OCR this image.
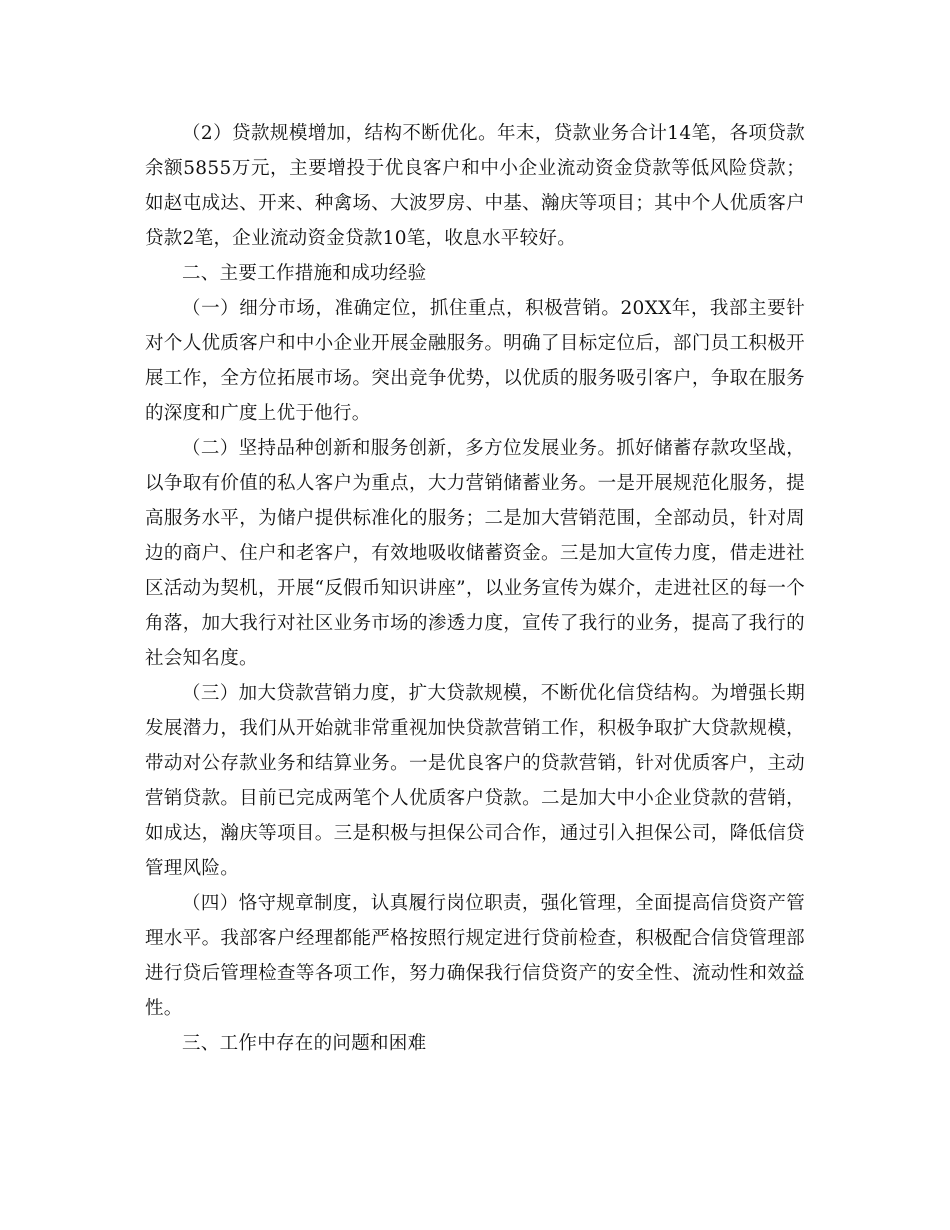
（2）贷款规模增加，结构不断优化。年末，贷款业务合计14笔，各项贷款余额5855万元，主要增投于优良客户和中小企业流动资金贷款等低风险贷款；如赵屯成达、开来、种禽场、大波罗房、中基、瀚庆等项目；其中个人优质客户贷款2笔，企业流动资金贷款10笔，收息水平较好。

二、主要工作措施和成功经验

（一）细分市场，准确定位，抓住重点，积极营销。20XX年，我部主要针对个人优质客户和中小企业开展金融服务。明确了目标定位后，部门员工积极开展工作，全方位拓展市场。突出竞争优势，以优质的服务吸引客户，争取在服务的深度和广度上优于他行。

（二）坚持品种创新和服务创新，多方位发展业务。抓好储蓄存款攻坚战，以争取有价值的私人客户为重点，大力营销储蓄业务。一是开展规范化服务，提高服务水平，为储户提供标准化的服务；二是加大营销范围，全部动员，针对周边的商户、住户和老客户，有效地吸收储蓄资金。三是加大宣传力度，借走进社区活动为契机，开展“反假币知识讲座”，以业务宣传为媒介，走进社区的每一个角落，加大我行对社区业务市场的渗透力度，宣传了我行的业务，提高了我行的社会知名度。

（三）加大贷款营销力度，扩大贷款规模，不断优化信贷结构。为增强长期发展潜力，我们从开始就非常重视加快贷款营销工作，积极争取扩大贷款规模，带动对公存款业务和结算业务。一是优良客户的贷款营销，针对优质客户，主动营销贷款。目前已完成两笔个人优质客户贷款。二是加大中小企业贷款的营销，如成达，瀚庆等项目。三是积极与担保公司合作，通过引入担保公司，降低信贷管理风险。

（四）恪守规章制度，认真履行岗位职责，强化管理，全面提高信贷资产管理水平。我部客户经理都能严格按照行规定进行贷前检查，积极配合信贷管理部进行贷后管理检查等各项工作，努力确保我行信贷资产的安全性、流动性和效益性。

三、工作中存在的问题和困难
